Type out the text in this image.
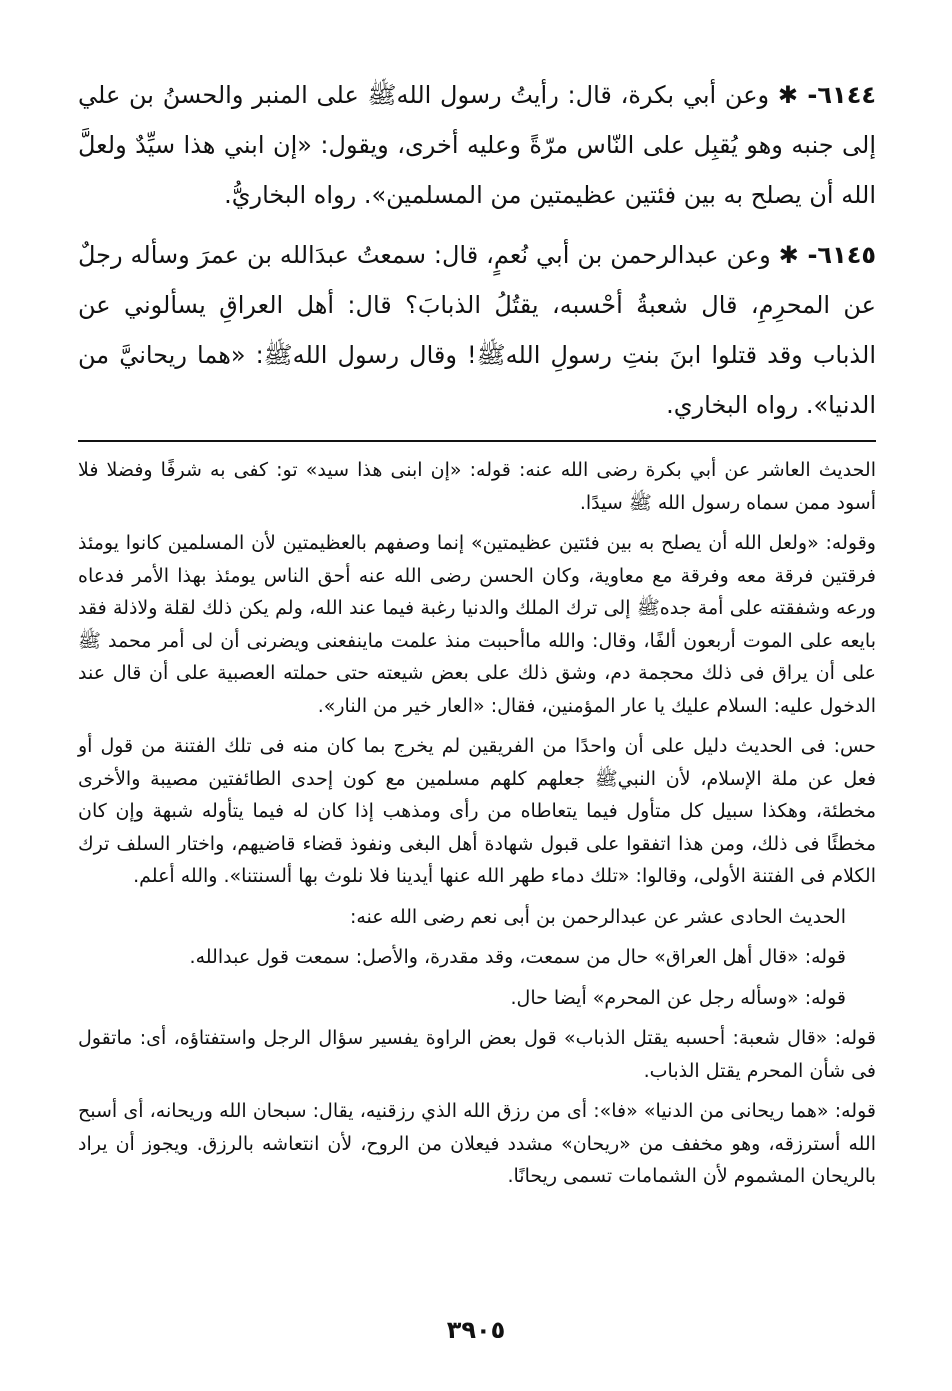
٦١٤٤- ✱ وعن أبي بكرة، قال: رأيتُ رسول اللهﷺ على المنبر والحسنُ بن علي إلى جنبه وهو يُقبِل على النّاس مرّةً وعليه أخرى، ويقول: «إن ابني هذا سيِّدٌ ولعلَّ الله أن يصلح به بين فئتين عظيمتين من المسلمين». رواه البخاريُّ.

٦١٤٥- ✱ وعن عبدالرحمن بن أبي نُعمٍ، قال: سمعتُ عبدَالله بن عمرَ وسأله رجلٌ عن المحرِمِ، قال شعبةُ أحْسبه، يقتُلُ الذبابَ؟ قال: أهل العراقِ يسألوني عن الذباب وقد قتلوا ابنَ بنتِ رسولِ اللهﷺ! وقال رسول اللهﷺ: «هما ريحانيَّ من الدنيا». رواه البخاري.

الحديث العاشر عن أبي بكرة رضى الله عنه: قوله: «إن ابنى هذا سيد» تو: كفى به شرفًا وفضلا فلا أسود ممن سماه رسول الله ﷺ سيدًا.

وقوله: «ولعل الله أن يصلح به بين فئتين عظيمتين» إنما وصفهم بالعظيمتين لأن المسلمين كانوا يومئذ فرقتين فرقة معه وفرقة مع معاوية، وكان الحسن رضى الله عنه أحق الناس يومئذ بهذا الأمر فدعاه ورعه وشفقته على أمة جدهﷺ إلى ترك الملك والدنيا رغبة فيما عند الله، ولم يكن ذلك لقلة ولاذلة فقد بايعه على الموت أربعون ألفًا، وقال: والله ماأحببت منذ علمت ماينفعنى ويضرنى أن لى أمر محمد ﷺ على أن يراق فى ذلك محجمة دم، وشق ذلك على بعض شيعته حتى حملته العصبية على أن قال عند الدخول عليه: السلام عليك يا عار المؤمنين، فقال: «العار خير من النار».

حس: فى الحديث دليل على أن واحدًا من الفريقين لم يخرج بما كان منه فى تلك الفتنة من قول أو فعل عن ملة الإسلام، لأن النبيﷺ جعلهم كلهم مسلمين مع كون إحدى الطائفتين مصيبة والأخرى مخطئة، وهكذا سبيل كل متأول فيما يتعاطاه من رأى ومذهب إذا كان له فيما يتأوله شبهة وإن كان مخطئًا فى ذلك، ومن هذا اتفقوا على قبول شهادة أهل البغى ونفوذ قضاء قاضيهم، واختار السلف ترك الكلام فى الفتنة الأولى، وقالوا: «تلك دماء طهر الله عنها أيدينا فلا نلوث بها ألسنتنا». والله أعلم.

الحديث الحادى عشر عن عبدالرحمن بن أبى نعم رضى الله عنه:

قوله: «قال أهل العراق» حال من سمعت، وقد مقدرة، والأصل: سمعت قول عبدالله.

قوله: «وسأله رجل عن المحرم» أيضا حال.

قوله: «قال شعبة: أحسبه يقتل الذباب» قول بعض الراوة يفسير سؤال الرجل واستفتاؤه، أى: ماتقول فى شأن المحرم يقتل الذباب.

قوله: «هما ريحانى من الدنيا» «فا»: أى من رزق الله الذي رزقنيه، يقال: سبحان الله وريحانه، أى أسبح الله أسترزقه، وهو مخفف من «ريحان» مشدد فيعلان من الروح، لأن انتعاشه بالرزق. ويجوز أن يراد بالريحان المشموم لأن الشمامات تسمى ريحانًا.

٣٩٠٥
